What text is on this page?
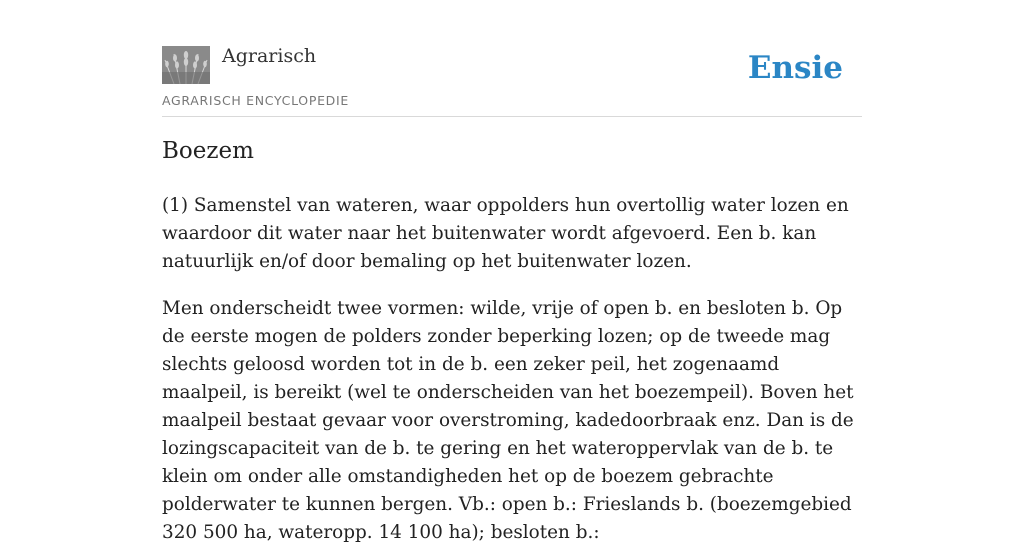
Agrarisch
AGRARISCH ENCYCLOPEDIE
Ensie
Boezem

(1) Samenstel van wateren, waar oppolders hun overtollig water lozen en waardoor dit water naar het buitenwater wordt afgevoerd. Een b. kan natuurlijk en/of door bemaling op het buitenwater lozen.

Men onderscheidt twee vormen: wilde, vrije of open b. en besloten b. Op de eerste mogen de polders zonder beperking lozen; op de tweede mag slechts geloosd worden tot in de b. een zeker peil, het zogenaamd maalpeil, is bereikt (wel te onderscheiden van het boezempeil). Boven het maalpeil bestaat gevaar voor overstroming, kadedoorbraak enz. Dan is de lozingscapaciteit van de b. te gering en het wateroppervlak van de b. te klein om onder alle omstandigheden het op de boezem gebrachte polderwater te kunnen bergen. Vb.: open b.: Frieslands b. (boezemgebied 320 500 ha, wateropp. 14 100 ha); besloten b.:
